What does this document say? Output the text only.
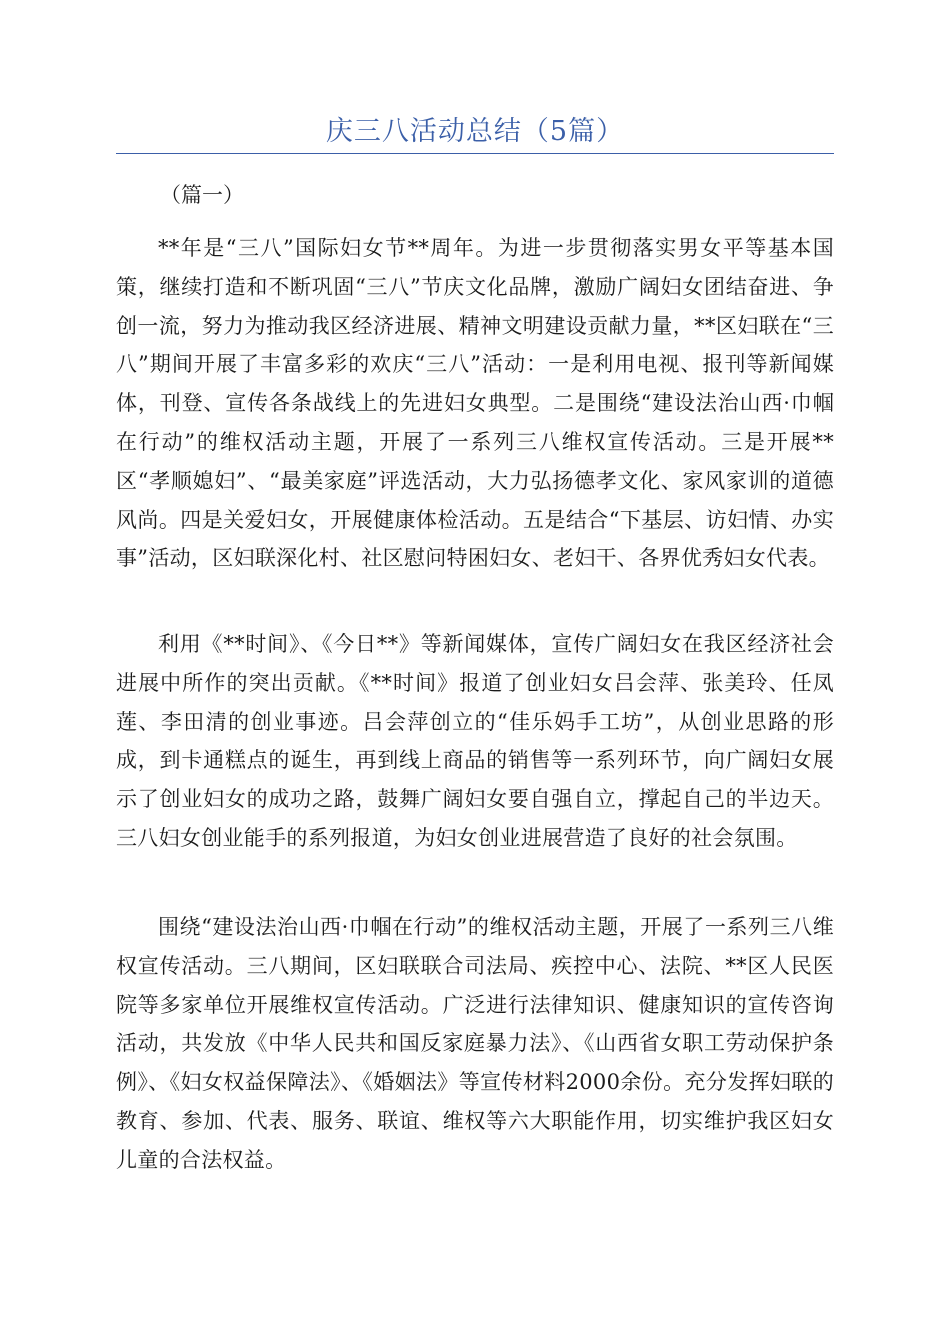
庆三八活动总结（5篇）
（篇一）

**年是“三八”国际妇女节**周年。为进一步贯彻落实男女平等基本国策，继续打造和不断巩固“三八”节庆文化品牌，激励广阔妇女团结奋进、争创一流，努力为推动我区经济进展、精神文明建设贡献力量，**区妇联在“三八”期间开展了丰富多彩的欢庆“三八”活动：一是利用电视、报刊等新闻媒体，刊登、宣传各条战线上的先进妇女典型。二是围绕“建设法治山西·巾帼在行动”的维权活动主题，开展了一系列三八维权宣传活动。三是开展**区“孝顺媳妇”、“最美家庭”评选活动，大力弘扬德孝文化、家风家训的道德风尚。四是关爱妇女，开展健康体检活动。五是结合“下基层、访妇情、办实事”活动，区妇联深化村、社区慰问特困妇女、老妇干、各界优秀妇女代表。

利用《**时间》、《今日**》等新闻媒体，宣传广阔妇女在我区经济社会进展中所作的突出贡献。《**时间》报道了创业妇女吕会萍、张美玲、任凤莲、李田清的创业事迹。吕会萍创立的“佳乐妈手工坊”，从创业思路的形成，到卡通糕点的诞生，再到线上商品的销售等一系列环节，向广阔妇女展示了创业妇女的成功之路，鼓舞广阔妇女要自强自立，撑起自己的半边天。三八妇女创业能手的系列报道，为妇女创业进展营造了良好的社会氛围。

围绕“建设法治山西·巾帼在行动”的维权活动主题，开展了一系列三八维权宣传活动。三八期间，区妇联联合司法局、疾控中心、法院、**区人民医院等多家单位开展维权宣传活动。广泛进行法律知识、健康知识的宣传咨询活动，共发放《中华人民共和国反家庭暴力法》、《山西省女职工劳动保护条例》、《妇女权益保障法》、《婚姻法》等宣传材料2000余份。充分发挥妇联的教育、参加、代表、服务、联谊、维权等六大职能作用，切实维护我区妇女儿童的合法权益。
